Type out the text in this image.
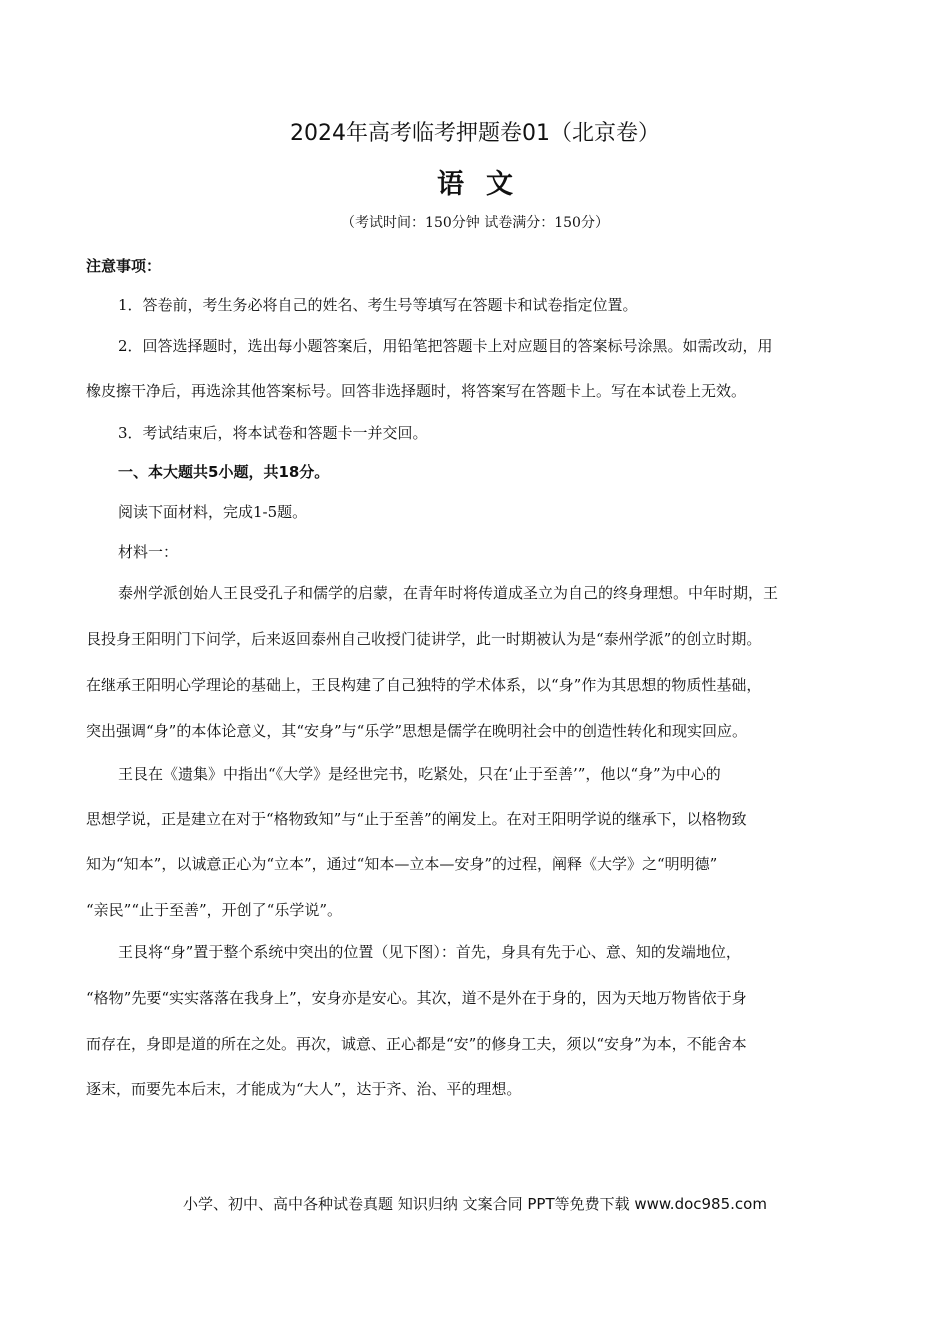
2024年高考临考押题卷01（北京卷）
语文
（考试时间：150分钟 试卷满分：150分）
注意事项：
1．答卷前，考生务必将自己的姓名、考生号等填写在答题卡和试卷指定位置。
2．回答选择题时，选出每小题答案后，用铅笔把答题卡上对应题目的答案标号涂黑。如需改动，用
橡皮擦干净后，再选涂其他答案标号。回答非选择题时，将答案写在答题卡上。写在本试卷上无效。
3．考试结束后，将本试卷和答题卡一并交回。
一、本大题共5小题，共18分。
阅读下面材料，完成1-5题。
材料一：
泰州学派创始人王艮受孔子和儒学的启蒙，在青年时将传道成圣立为自己的终身理想。中年时期，王
艮投身王阳明门下问学，后来返回泰州自己收授门徒讲学，此一时期被认为是“泰州学派”的创立时期。
在继承王阳明心学理论的基础上，王艮构建了自己独特的学术体系，以“身”作为其思想的物质性基础，
突出强调“身”的本体论意义，其“安身”与“乐学”思想是儒学在晚明社会中的创造性转化和现实回应。
王艮在《遗集》中指出“《大学》是经世完书，吃紧处，只在‘止于至善’”，他以“身”为中心的
思想学说，正是建立在对于“格物致知”与“止于至善”的阐发上。在对王阳明学说的继承下，以格物致
知为“知本”，以诚意正心为“立本”，通过“知本—立本—安身”的过程，阐释《大学》之“明明德”
“亲民”“止于至善”，开创了“乐学说”。
王艮将“身”置于整个系统中突出的位置（见下图）：首先，身具有先于心、意、知的发端地位，
“格物”先要“实实落落在我身上”，安身亦是安心。其次，道不是外在于身的，因为天地万物皆依于身
而存在，身即是道的所在之处。再次，诚意、正心都是“安”的修身工夫，须以“安身”为本，不能舍本
逐末，而要先本后末，才能成为“大人”，达于齐、治、平的理想。
小学、初中、高中各种试卷真题 知识归纳 文案合同 PPT等免费下载 www.doc985.com
